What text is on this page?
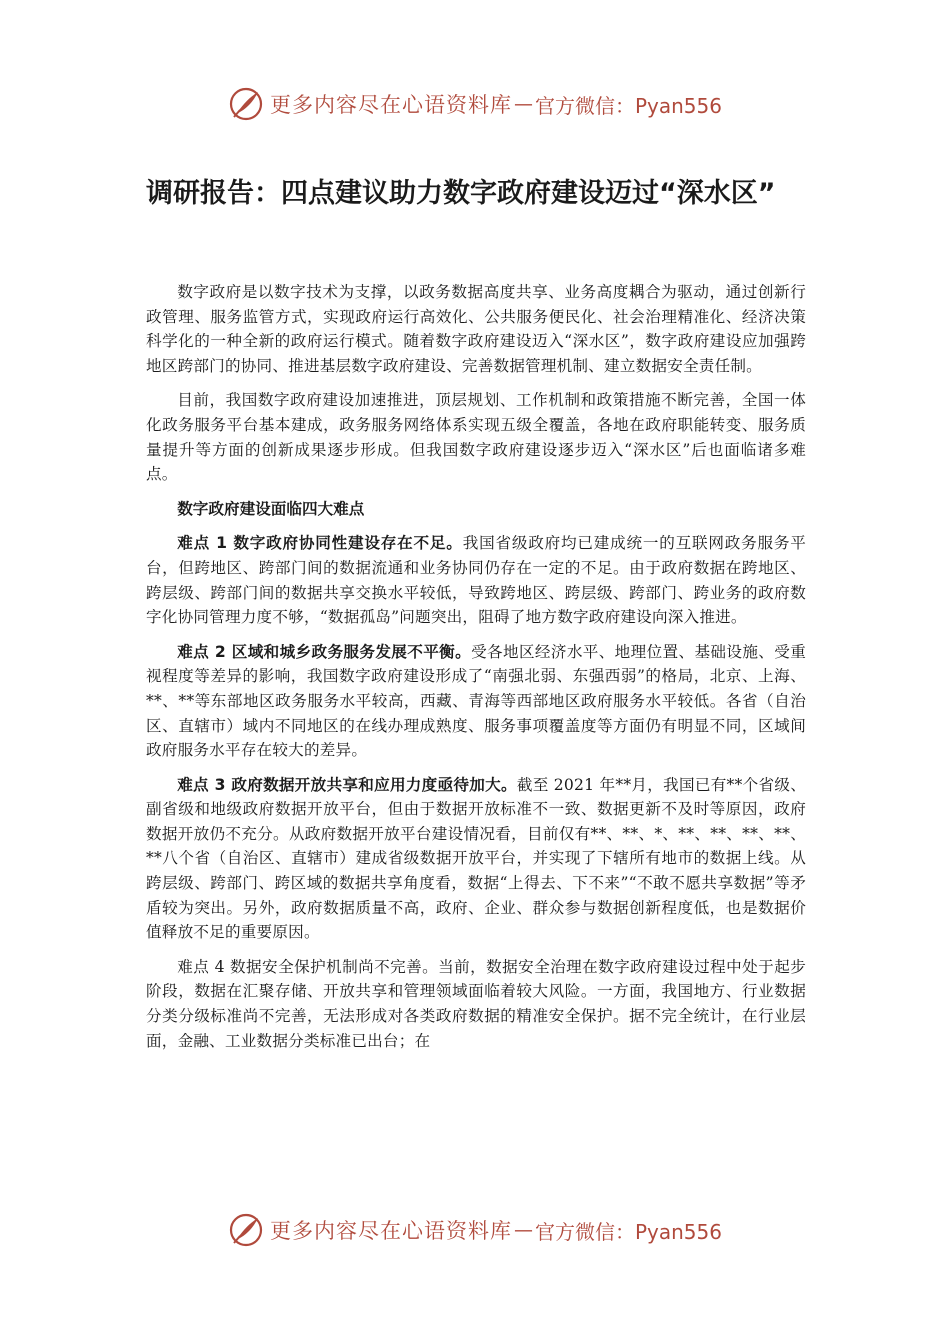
更多内容尽在心语资料库 — 官方微信：Pyan556
调研报告：四点建议助力数字政府建设迈过“深水区”

数字政府是以数字技术为支撑，以政务数据高度共享、业务高度耦合为驱动，通过创新行政管理、服务监管方式，实现政府运行高效化、公共服务便民化、社会治理精准化、经济决策科学化的一种全新的政府运行模式。随着数字政府建设迈入“深水区”，数字政府建设应加强跨地区跨部门的协同、推进基层数字政府建设、完善数据管理机制、建立数据安全责任制。

目前，我国数字政府建设加速推进，顶层规划、工作机制和政策措施不断完善，全国一体化政务服务平台基本建成，政务服务网络体系实现五级全覆盖，各地在政府职能转变、服务质量提升等方面的创新成果逐步形成。但我国数字政府建设逐步迈入“深水区”后也面临诸多难点。

数字政府建设面临四大难点

难点 1 数字政府协同性建设存在不足。我国省级政府均已建成统一的互联网政务服务平台，但跨地区、跨部门间的数据流通和业务协同仍存在一定的不足。由于政府数据在跨地区、跨层级、跨部门间的数据共享交换水平较低，导致跨地区、跨层级、跨部门、跨业务的政府数字化协同管理力度不够，“数据孤岛”问题突出，阻碍了地方数字政府建设向深入推进。

难点 2 区域和城乡政务服务发展不平衡。受各地区经济水平、地理位置、基础设施、受重视程度等差异的影响，我国数字政府建设形成了“南强北弱、东强西弱”的格局，北京、上海、**、**等东部地区政务服务水平较高，西藏、青海等西部地区政府服务水平较低。各省（自治区、直辖市）域内不同地区的在线办理成熟度、服务事项覆盖度等方面仍有明显不同，区域间政府服务水平存在较大的差异。

难点 3 政府数据开放共享和应用力度亟待加大。截至 2021 年**月，我国已有**个省级、副省级和地级政府数据开放平台，但由于数据开放标准不一致、数据更新不及时等原因，政府数据开放仍不充分。从政府数据开放平台建设情况看，目前仅有**、**、*、**、**、**、**、**八个省（自治区、直辖市）建成省级数据开放平台，并实现了下辖所有地市的数据上线。从跨层级、跨部门、跨区域的数据共享角度看，数据“上得去、下不来”“不敢不愿共享数据”等矛盾较为突出。另外，政府数据质量不高，政府、企业、群众参与数据创新程度低，也是数据价值释放不足的重要原因。

难点 4 数据安全保护机制尚不完善。当前，数据安全治理在数字政府建设过程中处于起步阶段，数据在汇聚存储、开放共享和管理领域面临着较大风险。一方面，我国地方、行业数据分类分级标准尚不完善，无法形成对各类政府数据的精准安全保护。据不完全统计，在行业层面，金融、工业数据分类标准已出台；在

更多内容尽在心语资料库 — 官方微信：Pyan556
